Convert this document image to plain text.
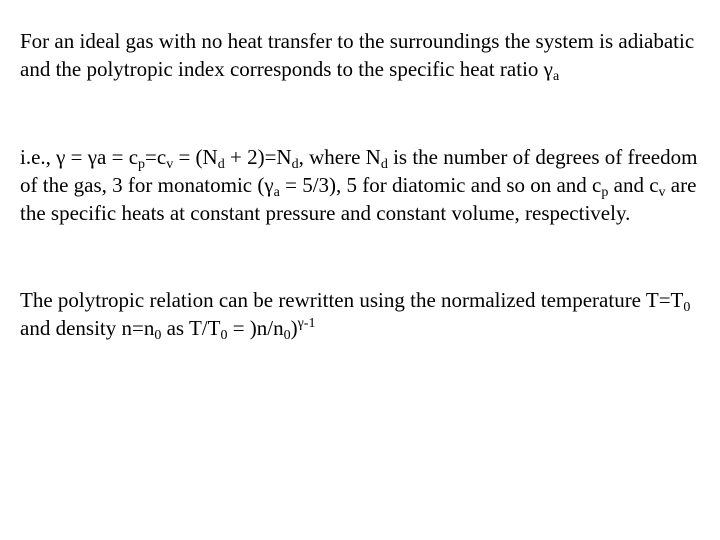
For an ideal gas with no heat transfer to the surroundings the system is adiabatic and the polytropic index corresponds to the specific heat ratio $\gamma_a$

i.e., $\gamma = \gamma a = c_p=c_v = (N_d + 2)=N_d$, where $N_d$ is the number of degrees of freedom of the gas, 3 for monatomic $(\gamma_a = 5/3)$, 5 for diatomic and so on and $c_p$ and $c_v$ are the specific heats at constant pressure and constant volume, respectively.

The polytropic relation can be rewritten using the normalized temperature $T=T_0$ and density $n=n_0$ as $T/T_0 = )n/n_0)^{\gamma-1}$
